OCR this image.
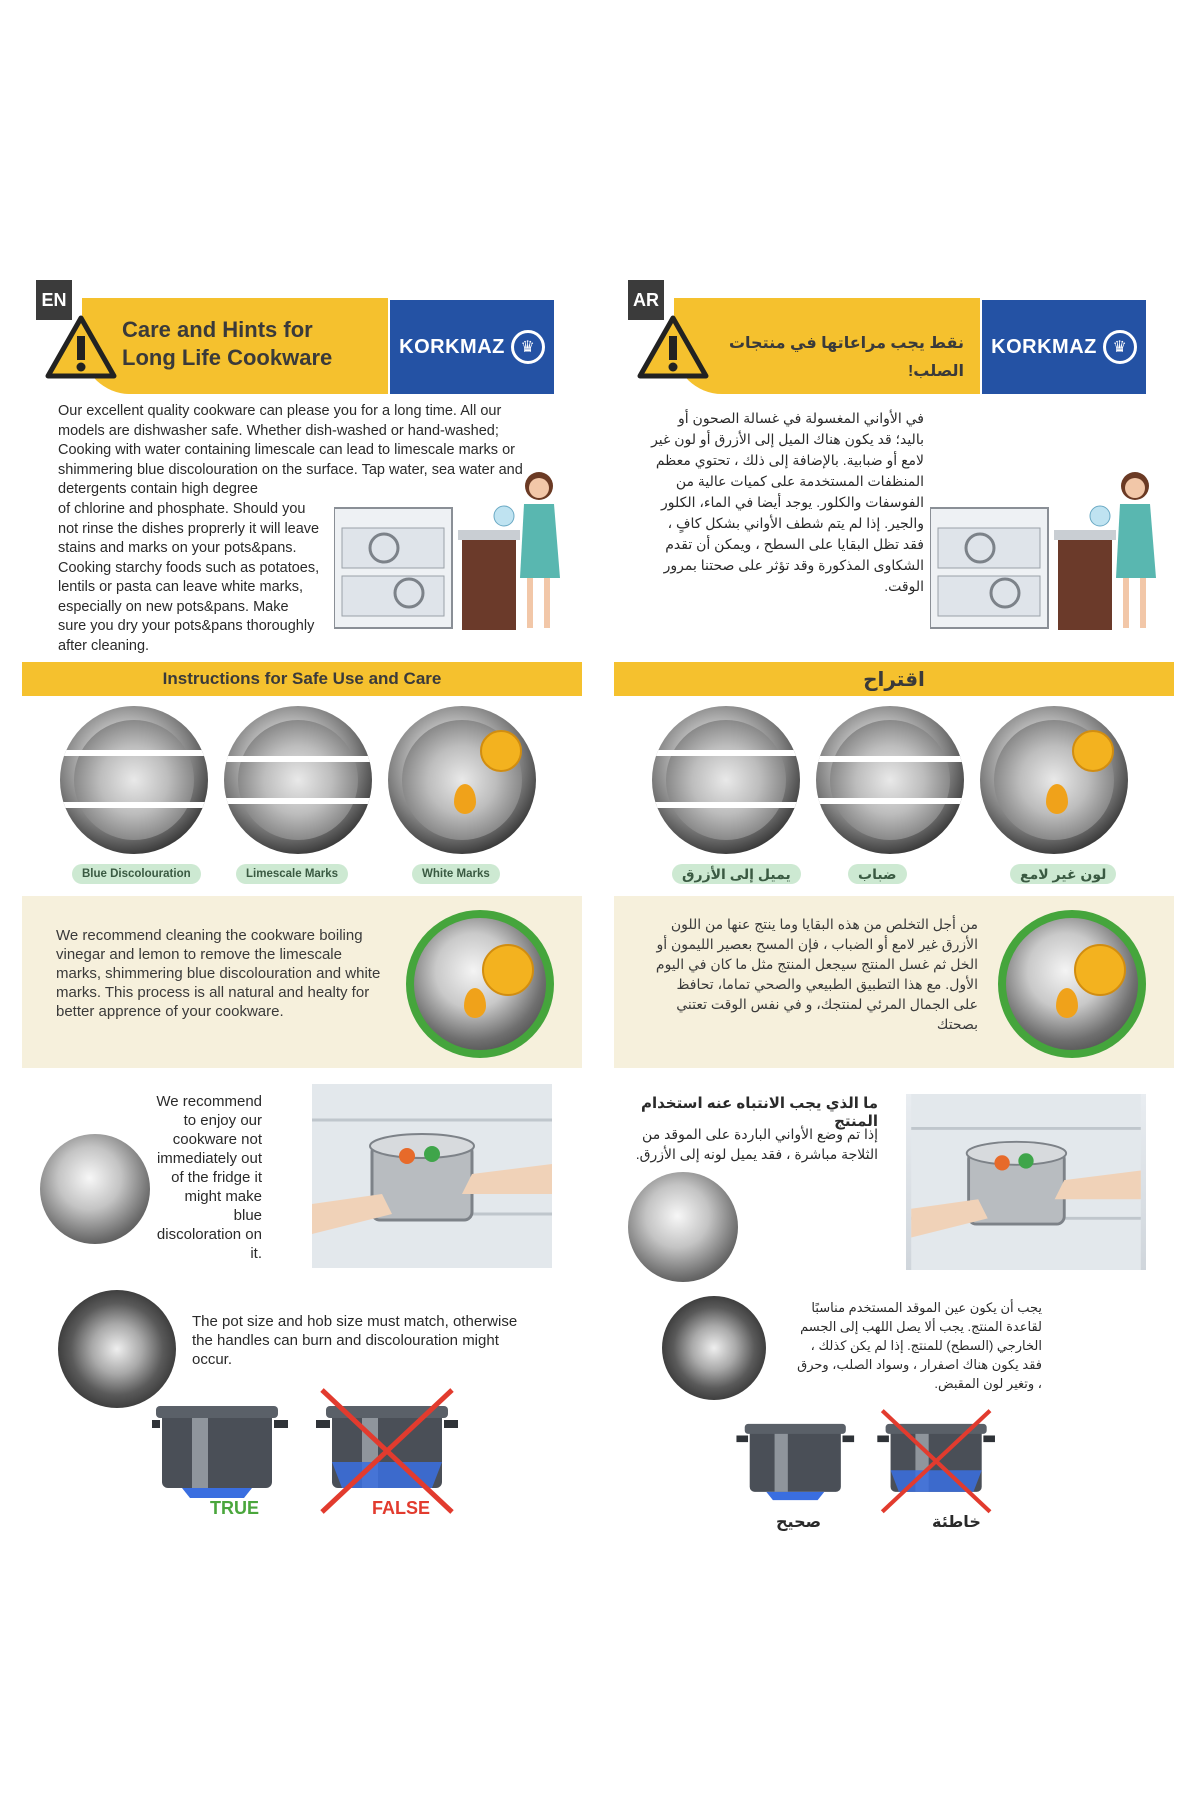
EN
Care and Hints for Long Life Cookware	KORKMAZ ♛
Our excellent quality cookware can please you for a long time. All our models are dishwasher safe. Whether dish-washed or hand-washed; Cooking with water containing limescale can lead to limescale marks or shimmering blue discolouration on the surface. Tap water, sea water and detergents contain high degree
of chlorine and phosphate. Should you not rinse the dishes proprerly it will leave stains and marks on your pots&pans. Cooking starchy foods such as potatoes, lentils or pasta can leave white marks, especially on new pots&pans. Make sure you dry your pots&pans thoroughly after cleaning.
Instructions for Safe Use and Care
Blue Discolouration	Limescale Marks	White Marks
We recommend cleaning the cookware boiling vinegar and lemon to remove the limescale marks, shimmering blue discolouration and white marks. This process is all natural and healty for better apprence of your cookware.
We recommend to enjoy our cookware not immediately out of the fridge it might make blue discoloration on it.
The pot size and hob size must match, otherwise the handles can burn and discolouration might occur.
TRUE	FALSE
AR
نقط يجب مراعاتها في منتجات الصلب!
KORKMAZ ♛
في الأواني المغسولة في غسالة الصحون أو باليد؛ قد يكون هناك الميل إلى الأزرق أو لون غير لامع أو ضبابية. بالإضافة إلى ذلك ، تحتوي معظم المنظفات المستخدمة على كميات عالية من الفوسفات والكلور. يوجد أيضا في الماء، الكلور والجير. إذا لم يتم شطف الأواني بشكل كافٍ ، فقد تظل البقايا على السطح ، ويمكن أن تقدم الشكاوى المذكورة وقد تؤثر على صحتنا بمرور الوقت.
اقتراح
يميل إلى الأزرق	ضباب	لون غير لامع
من أجل التخلص من هذه البقايا وما ينتج عنها من اللون الأزرق غير لامع أو الضباب ، فإن المسح بعصير الليمون أو الخل ثم غسل المنتج سيجعل المنتج مثل ما كان في اليوم الأول. مع هذا التطبيق الطبيعي والصحي تماما، تحافظ على الجمال المرئي لمنتجك، و في نفس الوقت تعتني بصحتك
ما الذي يجب الانتباه عنه استخدام المنتج
إذا تم وضع الأواني الباردة على الموقد من الثلاجة مباشرة ، فقد يميل لونه إلى الأزرق.
يجب أن يكون عين الموقد المستخدم مناسبًا لقاعدة المنتج. يجب ألا يصل اللهب إلى الجسم الخارجي (السطح) للمنتج. إذا لم يكن كذلك ، فقد يكون هناك اصفرار ، وسواد الصلب، وحرق ، وتغير لون المقبض.
صحيح	خاطئة
